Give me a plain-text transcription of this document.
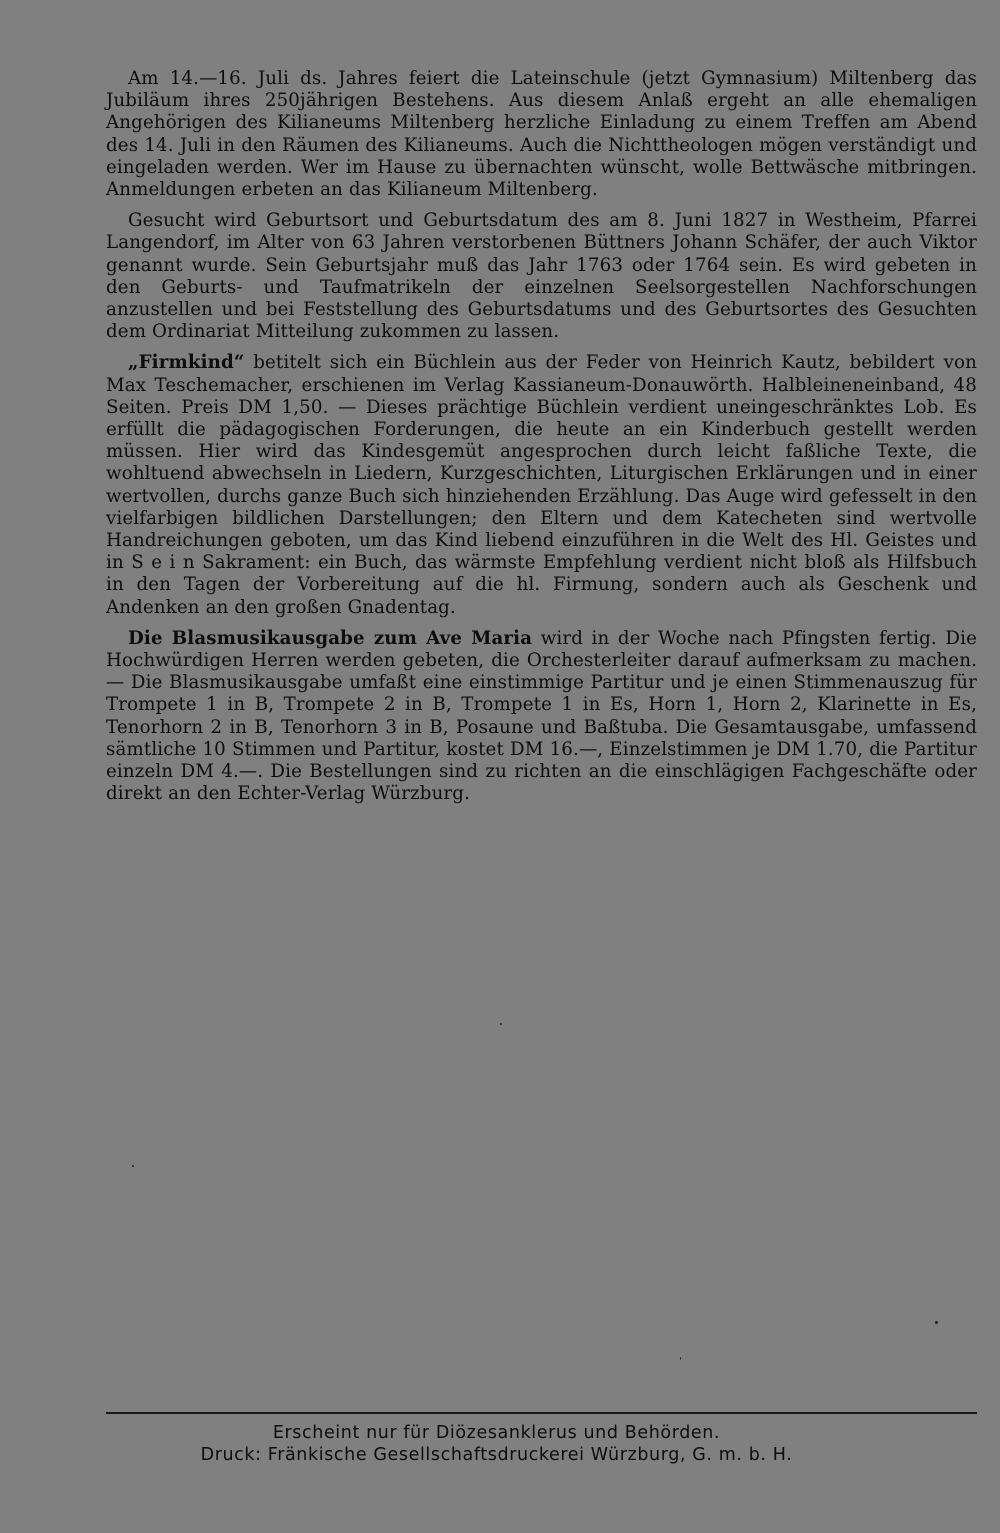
Am 14.—16. Juli ds. Jahres feiert die Lateinschule (jetzt Gymnasium) Miltenberg das Jubiläum ihres 250jährigen Bestehens. Aus diesem Anlaß ergeht an alle ehemaligen Angehörigen des Kilianeums Miltenberg herzliche Einladung zu einem Treffen am Abend des 14. Juli in den Räumen des Kilianeums. Auch die Nichttheologen mögen verständigt und eingeladen werden. Wer im Hause zu übernachten wünscht, wolle Bettwäsche mitbringen. Anmeldungen erbeten an das Kilianeum Miltenberg.

Gesucht wird Geburtsort und Geburtsdatum des am 8. Juni 1827 in Westheim, Pfarrei Langendorf, im Alter von 63 Jahren verstorbenen Büttners Johann Schäfer, der auch Viktor genannt wurde. Sein Geburtsjahr muß das Jahr 1763 oder 1764 sein. Es wird gebeten in den Geburts- und Taufmatrikeln der einzelnen Seelsorgestellen Nachforschungen anzustellen und bei Feststellung des Geburtsdatums und des Geburtsortes des Gesuchten dem Ordinariat Mitteilung zukommen zu lassen.

„Firmkind“ betitelt sich ein Büchlein aus der Feder von Heinrich Kautz, bebildert von Max Teschemacher, erschienen im Verlag Kassianeum-Donauwörth. Halbleineneinband, 48 Seiten. Preis DM 1,50. — Dieses prächtige Büchlein verdient uneingeschränktes Lob. Es erfüllt die pädagogischen Forderungen, die heute an ein Kinderbuch gestellt werden müssen. Hier wird das Kindesgemüt angesprochen durch leicht faßliche Texte, die wohltuend abwechseln in Liedern, Kurzgeschichten, Liturgischen Erklärungen und in einer wertvollen, durchs ganze Buch sich hinziehenden Erzählung. Das Auge wird gefesselt in den vielfarbigen bildlichen Darstellungen; den Eltern und dem Katecheten sind wertvolle Handreichungen geboten, um das Kind liebend einzuführen in die Welt des Hl. Geistes und in S e i n Sakrament: ein Buch, das wärmste Empfehlung verdient nicht bloß als Hilfsbuch in den Tagen der Vorbereitung auf die hl. Firmung, sondern auch als Geschenk und Andenken an den großen Gnadentag.

Die Blasmusikausgabe zum Ave Maria wird in der Woche nach Pfingsten fertig. Die Hochwürdigen Herren werden gebeten, die Orchesterleiter darauf aufmerksam zu machen. — Die Blasmusikausgabe umfaßt eine einstimmige Partitur und je einen Stimmenauszug für Trompete 1 in B, Trompete 2 in B, Trompete 1 in Es, Horn 1, Horn 2, Klarinette in Es, Tenorhorn 2 in B, Tenorhorn 3 in B, Posaune und Baßtuba. Die Gesamtausgabe, umfassend sämtliche 10 Stimmen und Partitur, kostet DM 16.—, Einzelstimmen je DM 1.70, die Partitur einzeln DM 4.—. Die Bestellungen sind zu richten an die einschlägigen Fachgeschäfte oder direkt an den Echter-Verlag Würzburg.

Erscheint nur für Diözesanklerus und Behörden.
Druck: Fränkische Gesellschaftsdruckerei Würzburg, G. m. b. H.
